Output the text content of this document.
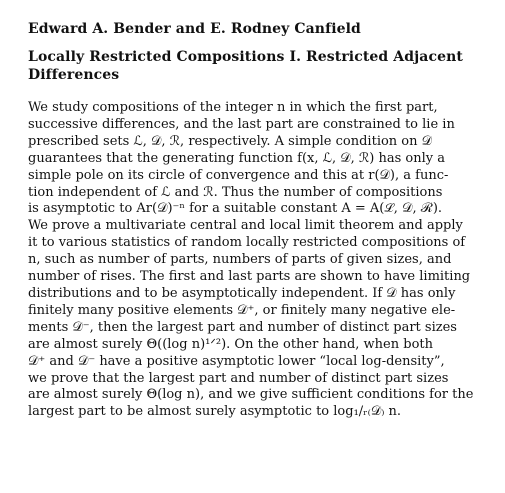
Edward A. Bender and E. Rodney Canfield
Locally Restricted Compositions I. Restricted Adjacent Differences
We study compositions of the integer n in which the first part,
successive differences, and the last part are constrained to lie in
prescribed sets ℒ, 𝒟, ℛ, respectively. A simple condition on 𝒟
guarantees that the generating function f(x, ℒ, 𝒟, ℛ) has only a
simple pole on its circle of convergence and this at r(𝒟), a func-
tion independent of ℒ and ℛ. Thus the number of compositions
is asymptotic to Ar(𝒟)⁻ⁿ for a suitable constant A = A(ℒ, 𝒟, ℛ).
We prove a multivariate central and local limit theorem and apply
it to various statistics of random locally restricted compositions of
n, such as number of parts, numbers of parts of given sizes, and
number of rises. The first and last parts are shown to have limiting
distributions and to be asymptotically independent. If 𝒟 has only
finitely many positive elements 𝒟⁺, or finitely many negative ele-
ments 𝒟⁻, then the largest part and number of distinct part sizes
are almost surely Θ((log n)¹ᐟ²). On the other hand, when both
𝒟⁺ and 𝒟⁻ have a positive asymptotic lower “local log-density”,
we prove that the largest part and number of distinct part sizes
are almost surely Θ(log n), and we give sufficient conditions for the
largest part to be almost surely asymptotic to log₁/ᵣ₍𝒟₎ n.
